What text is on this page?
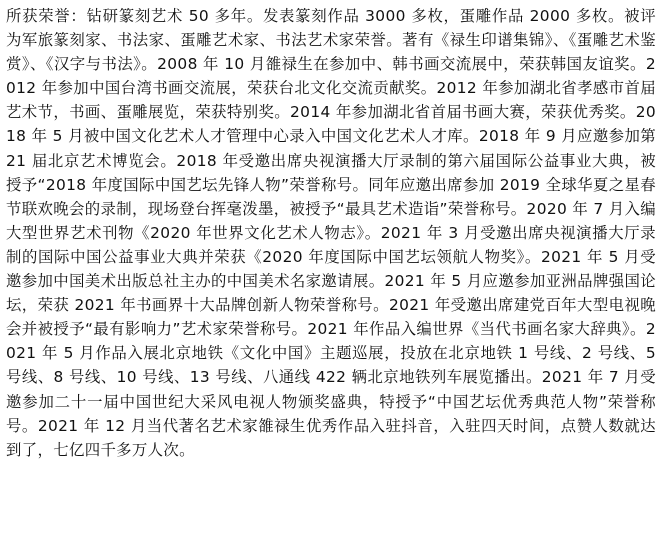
所获荣誉：钻研篆刻艺术 50 多年。发表篆刻作品 3000 多枚，蛋雕作品 2000 多枚。被评为军旅篆刻家、书法家、蛋雕艺术家、书法艺术家荣誉。著有《禄生印谱集锦》、《蛋雕艺术鉴赏》、《汉字与书法》。2008 年 10 月雒禄生在参加中、韩书画交流展中，荣获韩国友谊奖。2012 年参加中国台湾书画交流展，荣获台北文化交流贡献奖。2012 年参加湖北省孝感市首届艺术节，书画、蛋雕展览，荣获特别奖。2014 年参加湖北省首届书画大赛，荣获优秀奖。2018 年 5 月被中国文化艺术人才管理中心录入中国文化艺术人才库。2018 年 9 月应邀参加第 21 届北京艺术博览会。2018 年受邀出席央视演播大厅录制的第六届国际公益事业大典，被授予“2018 年度国际中国艺坛先锋人物”荣誉称号。同年应邀出席参加 2019 全球华夏之星春节联欢晚会的录制，现场登台挥毫泼墨，被授予“最具艺术造诣”荣誉称号。2020 年 7 月入编大型世界艺术刊物《2020 年世界文化艺术人物志》。2021 年 3 月受邀出席央视演播大厅录制的国际中国公益事业大典并荣获《2020 年度国际中国艺坛领航人物奖》。2021 年 5 月受邀参加中国美术出版总社主办的中国美术名家邀请展。2021 年 5 月应邀参加亚洲品牌强国论坛，荣获 2021 年书画界十大品牌创新人物荣誉称号。2021 年受邀出席建党百年大型电视晚会并被授予“最有影响力”艺术家荣誉称号。2021 年作品入编世界《当代书画名家大辞典》。2021 年 5 月作品入展北京地铁《文化中国》主题巡展，投放在北京地铁 1 号线、2 号线、5 号线、8 号线、10 号线、13 号线、八通线 422 辆北京地铁列车展览播出。2021 年 7 月受邀参加二十一届中国世纪大采风电视人物颁奖盛典，特授予“中国艺坛优秀典范人物”荣誉称号。2021 年 12 月当代著名艺术家雒禄生优秀作品入驻抖音，入驻四天时间，点赞人数就达到了，七亿四千多万人次。
